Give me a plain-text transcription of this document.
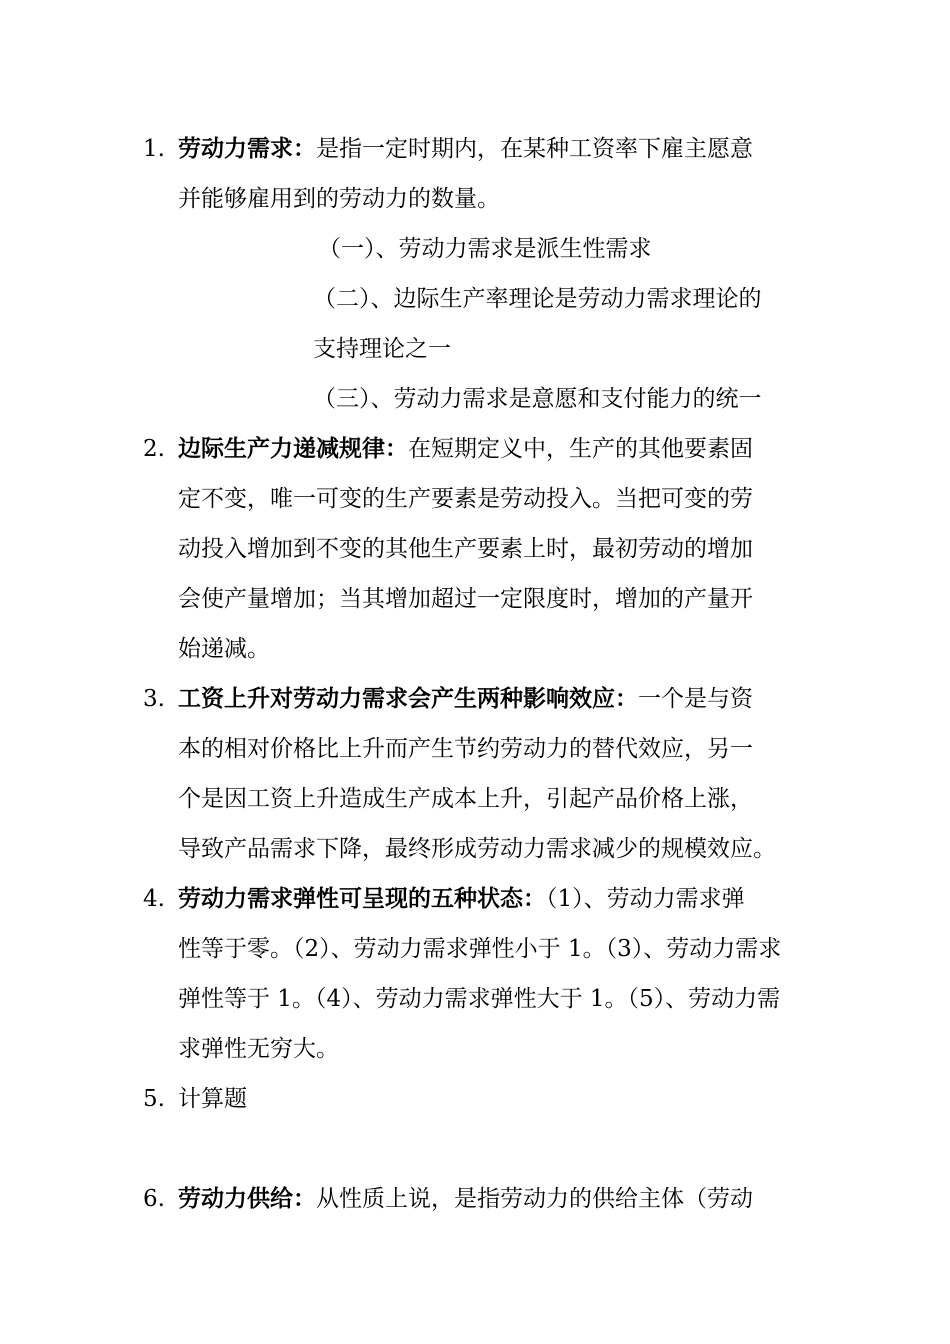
1. 劳动力需求：是指一定时期内，在某种工资率下雇主愿意
并能够雇用到的劳动力的数量。
（一）、劳动力需求是派生性需求
（二）、边际生产率理论是劳动力需求理论的
支持理论之一
（三）、劳动力需求是意愿和支付能力的统一
2. 边际生产力递减规律：在短期定义中，生产的其他要素固
定不变，唯一可变的生产要素是劳动投入。当把可变的劳
动投入增加到不变的其他生产要素上时，最初劳动的增加
会使产量增加；当其增加超过一定限度时，增加的产量开
始递减。
3. 工资上升对劳动力需求会产生两种影响效应：一个是与资
本的相对价格比上升而产生节约劳动力的替代效应，另一
个是因工资上升造成生产成本上升，引起产品价格上涨，
导致产品需求下降，最终形成劳动力需求减少的规模效应。
4. 劳动力需求弹性可呈现的五种状态：（1）、劳动力需求弹
性等于零。（2）、劳动力需求弹性小于 1。（3）、劳动力需求
弹性等于 1。（4）、劳动力需求弹性大于 1。（5）、劳动力需
求弹性无穷大。
5. 计算题
6. 劳动力供给：从性质上说，是指劳动力的供给主体（劳动
